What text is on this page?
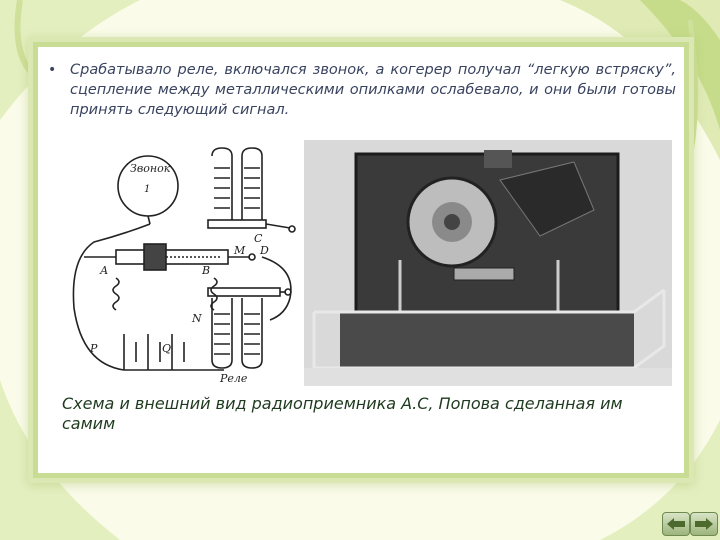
• Срабатывало реле, включался звонок, а когерер получал “легкую встряску”, сцепление между металлическими опилками ослабевало, и они были готовы принять следующий сигнал.
Звонок
1
Реле
А	В
Р	Q
С
D
М
N
Схема и внешний вид радиоприемника А.С, Попова сделанная им самим
